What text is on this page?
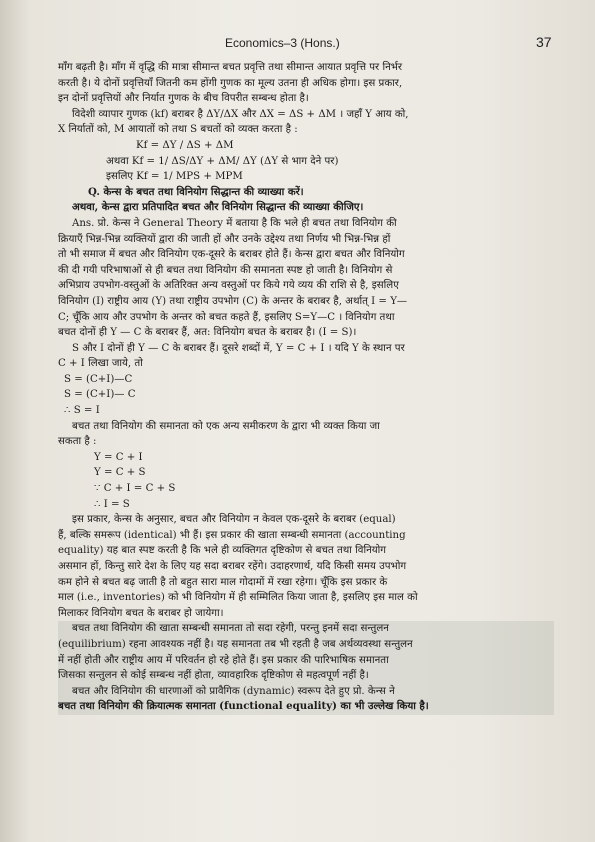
Economics–3 (Hons.)	37
माँग बढ़ती है। माँग में वृद्धि की मात्रा सीमान्त बचत प्रवृत्ति तथा सीमान्त आयात प्रवृत्ति पर निर्भर
करती है। ये दोनों प्रवृत्तियाँ जितनी कम होंगी गुणक का मूल्य उतना ही अधिक होगा। इस प्रकार,
इन दोनों प्रवृत्तियों और निर्यात गुणक के बीच विपरीत सम्बन्ध होता है।
विदेशी व्यापार गुणक (kf) बराबर है ΔY/ΔX और ΔX = ΔS + ΔM । जहाँ Y आय को,
X निर्यातों को, M आयातों को तथा S बचतों को व्यक्त करता है :
Kf = ΔY / ΔS + ΔM
अथवा Kf = 1/ ΔS/ΔY + ΔM/ ΔY (ΔY से भाग देने पर)
इसलिए Kf = 1/ MPS + MPM
Q. केन्स के बचत तथा विनियोग सिद्धान्त की व्याख्या करें।
अथवा, केन्स द्वारा प्रतिपादित बचत और विनियोग सिद्धान्त की व्याख्या कीजिए।
Ans. प्रो. केन्स ने General Theory में बताया है कि भले ही बचत तथा विनियोग की
क्रियाएँ भिन्न-भिन्न व्यक्तियों द्वारा की जाती हों और उनके उद्देश्य तथा निर्णय भी भिन्न-भिन्न हों
तो भी समाज में बचत और विनियोग एक-दूसरे के बराबर होते हैं। केन्स द्वारा बचत और विनियोग
की दी गयी परिभाषाओं से ही बचत तथा विनियोग की समानता स्पष्ट हो जाती है। विनियोग से
अभिप्राय उपभोग-वस्तुओं के अतिरिक्त अन्य वस्तुओं पर किये गये व्यय की राशि से है, इसलिए
विनियोग (I) राष्ट्रीय आय (Y) तथा राष्ट्रीय उपभोग (C) के अन्तर के बराबर है, अर्थात् I = Y—
C; चूँकि आय और उपभोग के अन्तर को बचत कहते हैं, इसलिए S=Y—C । विनियोग तथा
बचत दोनों ही Y — C के बराबर हैं, अत: विनियोग बचत के बराबर है। (I = S)।
S और I दोनों ही Y — C के बराबर हैं। दूसरे शब्दों में, Y = C + I । यदि Y के स्थान पर
C + I लिखा जाये, तो
S = (C+I)—C
S = (C+I)— C
∴ S = I
बचत तथा विनियोग की समानता को एक अन्य समीकरण के द्वारा भी व्यक्त किया जा
सकता है :
Y = C + I
Y = C + S
∵ C + I = C + S
∴ I = S
इस प्रकार, केन्स के अनुसार, बचत और विनियोग न केवल एक-दूसरे के बराबर (equal)
हैं, बल्कि समरूप (identical) भी हैं। इस प्रकार की खाता सम्बन्धी समानता (accounting
equality) यह बात स्पष्ट करती है कि भले ही व्यक्तिगत दृष्टिकोण से बचत तथा विनियोग
असमान हों, किन्तु सारे देश के लिए यह सदा बराबर रहेंगे। उदाहरणार्थ, यदि किसी समय उपभोग
कम होने से बचत बढ़ जाती है तो बहुत सारा माल गोदामों में रखा रहेगा। चूँकि इस प्रकार के
माल (i.e., inventories) को भी विनियोग में ही सम्मिलित किया जाता है, इसलिए इस माल को
मिलाकर विनियोग बचत के बराबर हो जायेगा।
बचत तथा विनियोग की खाता सम्बन्धी समानता तो सदा रहेगी, परन्तु इनमें सदा सन्तुलन
(equilibrium) रहना आवश्यक नहीं है। यह समानता तब भी रहती है जब अर्थव्यवस्था सन्तुलन
में नहीं होती और राष्ट्रीय आय में परिवर्तन हो रहे होते हैं। इस प्रकार की पारिभाषिक समानता
जिसका सन्तुलन से कोई सम्बन्ध नहीं होता, व्यावहारिक दृष्टिकोण से महत्वपूर्ण नहीं है।
बचत और विनियोग की धारणाओं को प्रावैगिक (dynamic) स्वरूप देते हुए प्रो. केन्स ने
बचत तथा विनियोग की क्रियात्मक समानता (functional equality) का भी उल्लेख किया है।
